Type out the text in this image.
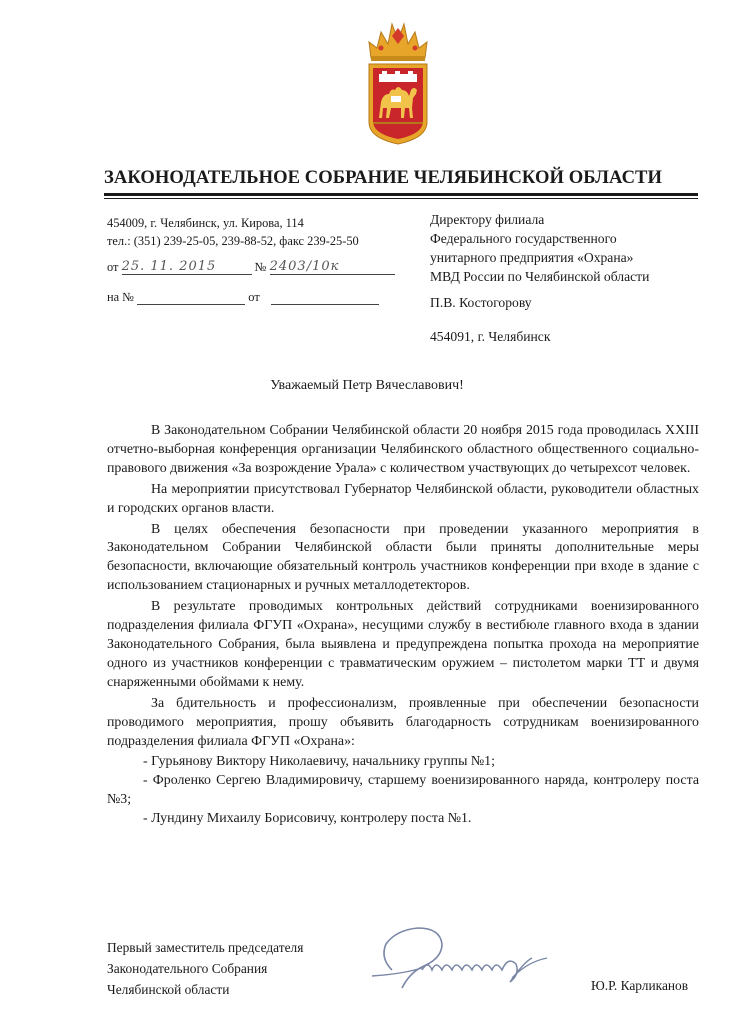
ЗАКОНОДАТЕЛЬНОЕ СОБРАНИЕ ЧЕЛЯБИНСКОЙ ОБЛАСТИ
454009, г. Челябинск, ул. Кирова, 114
тел.: (351) 239-25-05, 239-88-52, факс 239-25-50
от 25. 11. 2015	№ 2403/10к
на №	от
Директору филиала
Федерального государственного
унитарного предприятия «Охрана»
МВД России по Челябинской области
П.В. Костогорову
454091, г. Челябинск
Уважаемый Петр Вячеславович!

В Законодательном Собрании Челябинской области 20 ноября 2015 года проводилась XXIII отчетно-выборная конференция организации Челябинского областного общественного социально-правового движения «За возрождение Урала» с количеством участвующих до четырехсот человек.

На мероприятии присутствовал Губернатор Челябинской области, руководители областных и городских органов власти.

В целях обеспечения безопасности при проведении указанного мероприятия в Законодательном Собрании Челябинской области были приняты дополнительные меры безопасности, включающие обязательный контроль участников конференции при входе в здание с использованием стационарных и ручных металлодетекторов.

В результате проводимых контрольных действий сотрудниками военизированного подразделения филиала ФГУП «Охрана», несущими службу в вестибюле главного входа в здании Законодательного Собрания, была выявлена и предупреждена попытка прохода на мероприятие одного из участников конференции с травматическим оружием – пистолетом марки ТТ и двумя снаряженными обоймами к нему.

За бдительность и профессионализм, проявленные при обеспечении безопасности проводимого мероприятия, прошу объявить благодарность сотрудникам военизированного подразделения филиала ФГУП «Охрана»:

- Гурьянову Виктору Николаевичу, начальнику группы №1;

- Фроленко Сергею Владимировичу, старшему военизированного наряда, контролеру поста №3;

- Лундину Михаилу Борисовичу, контролеру поста №1.

Первый заместитель председателя
Законодательного Собрания
Челябинской области	Ю.Р. Карликанов
